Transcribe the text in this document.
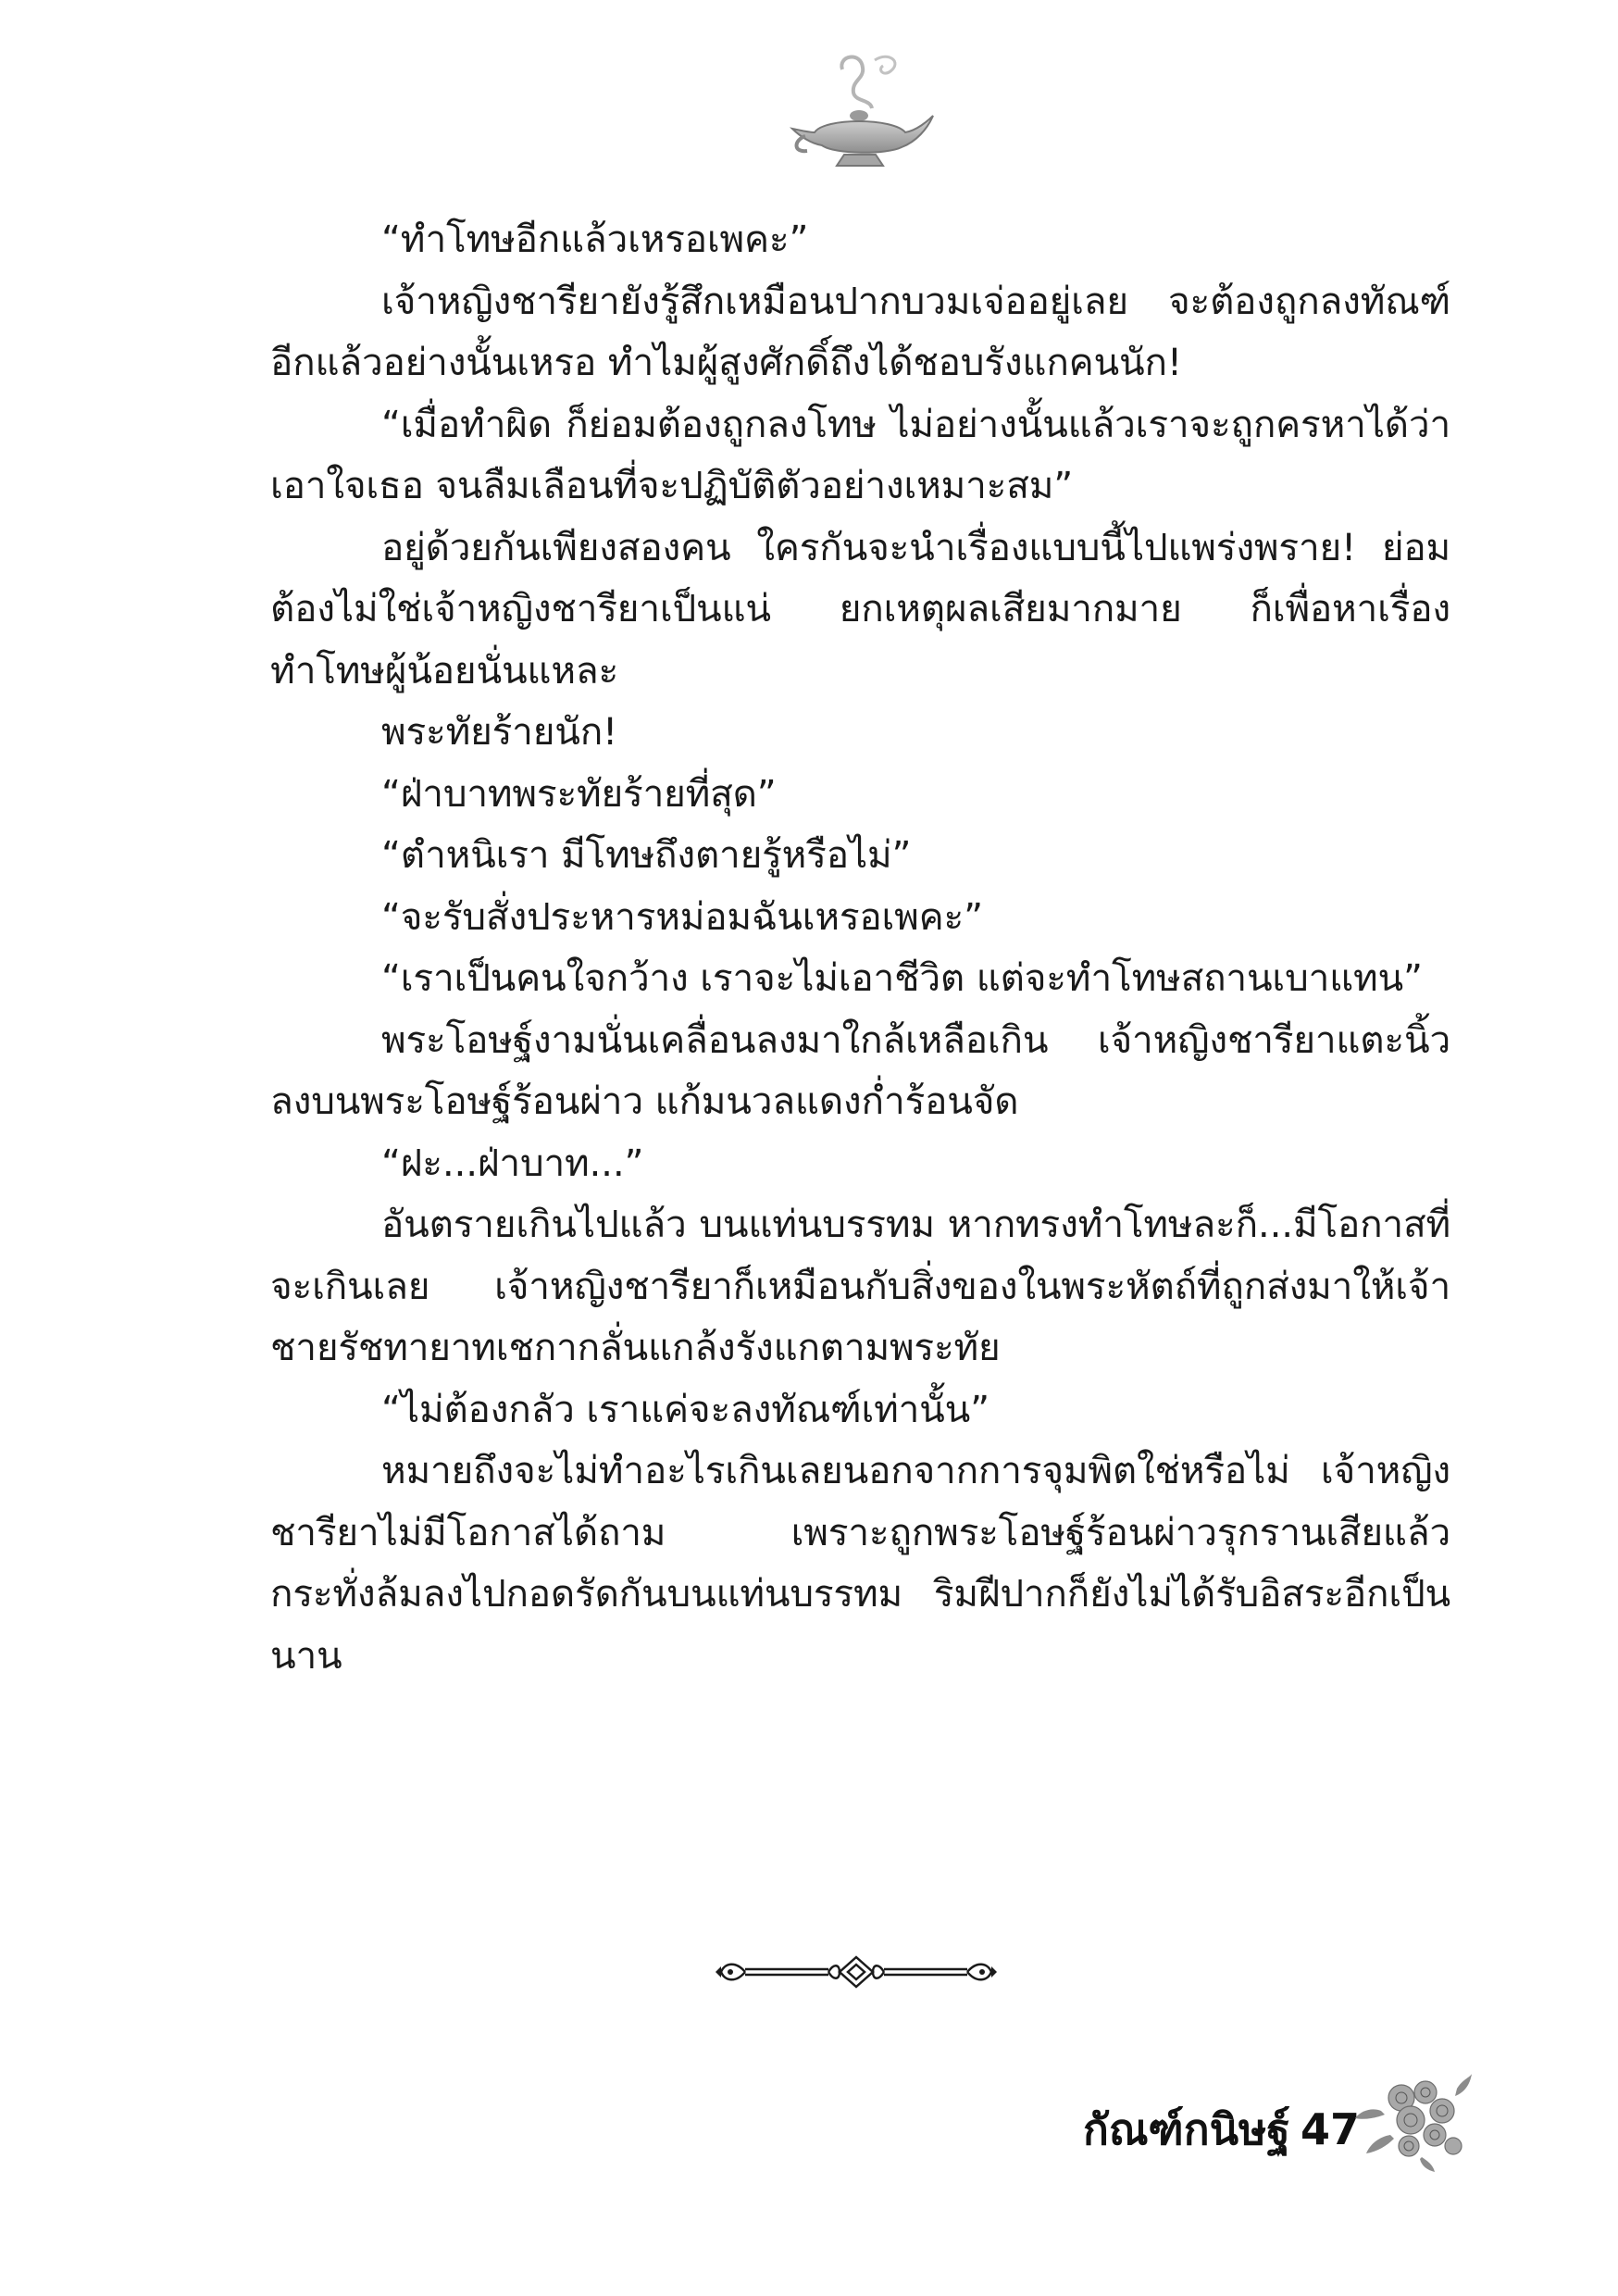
“ทำโทษอีกแล้วเหรอเพคะ”

เจ้าหญิงชารียายังรู้สึกเหมือนปากบวมเจ่ออยู่เลย จะต้องถูกลงทัณฑ์อีกแล้วอย่างนั้นเหรอ ทำไมผู้สูงศักดิ์ถึงได้ชอบรังแกคนนัก!

“เมื่อทำผิด ก็ย่อมต้องถูกลงโทษ ไม่อย่างนั้นแล้วเราจะถูกครหาได้ว่าเอาใจเธอ จนลืมเลือนที่จะปฏิบัติตัวอย่างเหมาะสม”

อยู่ด้วยกันเพียงสองคน ใครกันจะนำเรื่องแบบนี้ไปแพร่งพราย! ย่อมต้องไม่ใช่เจ้าหญิงชารียาเป็นแน่ ยกเหตุผลเสียมากมาย ก็เพื่อหาเรื่องทำโทษผู้น้อยนั่นแหละ

พระทัยร้ายนัก!

“ฝ่าบาทพระทัยร้ายที่สุด”

“ตำหนิเรา มีโทษถึงตายรู้หรือไม่”

“จะรับสั่งประหารหม่อมฉันเหรอเพคะ”

“เราเป็นคนใจกว้าง เราจะไม่เอาชีวิต แต่จะทำโทษสถานเบาแทน”

พระโอษฐ์งามนั่นเคลื่อนลงมาใกล้เหลือเกิน เจ้าหญิงชารียาแตะนิ้วลงบนพระโอษฐ์ร้อนผ่าว แก้มนวลแดงก่ำร้อนจัด

“ฝะ...ฝ่าบาท...”

อันตรายเกินไปแล้ว บนแท่นบรรทม หากทรงทำโทษละก็...มีโอกาสที่จะเกินเลย เจ้าหญิงชารียาก็เหมือนกับสิ่งของในพระหัตถ์ที่ถูกส่งมาให้เจ้าชายรัชทายาทเชกากลั่นแกล้งรังแกตามพระทัย

“ไม่ต้องกลัว เราแค่จะลงทัณฑ์เท่านั้น”

หมายถึงจะไม่ทำอะไรเกินเลยนอกจากการจุมพิตใช่หรือไม่ เจ้าหญิงชารียาไม่มีโอกาสได้ถาม เพราะถูกพระโอษฐ์ร้อนผ่าวรุกรานเสียแล้ว กระทั่งล้มลงไปกอดรัดกันบนแท่นบรรทม ริมฝีปากก็ยังไม่ได้รับอิสระอีกเป็นนาน

กัณฑ์กนิษฐ์ 47
